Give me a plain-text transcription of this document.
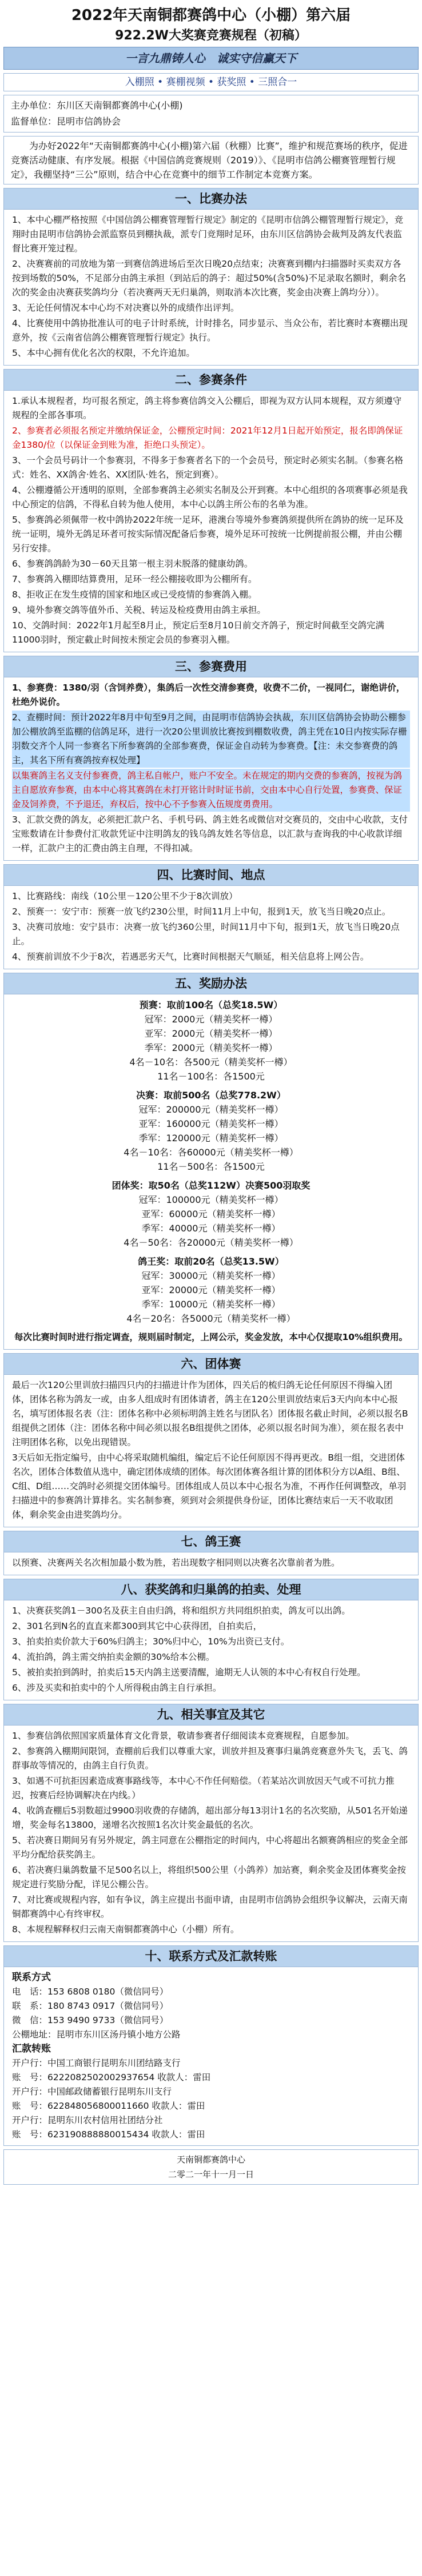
2022年天南铜都赛鸽中心（小棚）第六届
922.2W大奖赛竞赛规程（初稿）
一言九鼎铸人心　诚实守信赢天下
入棚照 • 赛棚视频 • 获奖照 • 三照合一
主办单位：东川区天南铜都赛鸽中心(小棚)
监督单位：昆明市信鸽协会
为办好2022年“天南铜都赛鸽中心(小棚)第六届（秋棚）比赛”，维护和规范赛场的秩序，促进竞赛活动健康、有序发展。根据《中国信鸽竞赛规则（2019）》、《昆明市信鸽公棚赛管理暂行规定》，我棚坚持“三公”原则，结合中心在竞赛中的细节工作制定本竞赛方案。
一、比赛办法

1、本中心棚严格按照《中国信鸽公棚赛管理暂行规定》制定的《昆明市信鸽公棚管理暂行规定》，竞翔时由昆明市信鸽协会派监察员到棚执裁，派专门竞翔时足环，由东川区信鸽协会裁判及鸽友代表监督比赛开笼过程。

2、决赛赛前的司放地为第一到赛信鸽进场后至次日晚20点结束；决赛赛到棚内扫描器时买卖双方各按到场数的50%，不足部分由鸽主承担（到站后的鸽子：超过50%(含50%)不足录取名额时，剩余名次的奖金由决赛获奖鸽均分（若决赛两天无归巢鸽，则取消本次比赛，奖金由决赛上鸽均分））。

3、无论任何情况本中心均不对决赛以外的成绩作出评判。

4、比赛使用中鸽协批准认可的电子计时系统，计时排名，同步显示、当众公布，若比赛时本赛棚出现意外，按《云南省信鸽公棚赛管理暂行规定》执行。

5、本中心拥有优化名次的权限，不允许追加。

二、参赛条件

1.承认本规程者，均可报名预定，鸽主将参赛信鸽交入公棚后，即视为双方认同本规程，双方须遵守规程的全部各事项。

2、参赛者必须报名预定并缴纳保证金，公棚预定时间：2021年12月1日起开始预定，报名即鸽保证金1380/位（以保证金到账为准，拒绝口头预定）。

3、一个会员号码计一个参赛羽，不得多于参赛者名下的一个会员号，预定时必须实名制。（参赛名格式：姓名、XX鸽舍·姓名、XX团队·姓名，预定到赛）。

4、公棚遵循公开透明的原则，全部参赛鸽主必须实名制及公开到赛。本中心组织的各项赛事必须是我中心预定的信鸽，不得私自转为他人使用，本中心以鸽主所公布的名单为准。

5、参赛鸽必须佩带一枚中鸽协2022年统一足环，港澳台等境外参赛鸽须提供所在鸽协的统一足环及统一证明，境外无鸽足环者可按实际情况配备后参赛，境外足环可按统一比例提前报公棚，并由公棚另行安排。

6、参赛鸽鸽龄为30－60天且第一根主羽未脱落的健康幼鸽。

7、参赛鸽入棚即结算费用，足环一经公棚接收即为公棚所有。

8、拒收正在发生疫情的国家和地区或已受疫情的参赛鸽入棚。

9、境外参赛交鸽等值外币、关税、转运及检疫费用由鸽主承担。

10、交鸽时间：2022年1月起至8月止，预定后至8月10日前交齐鸽子，预定时间截至交鸽完满11000羽时，预定截止时间按未预定会员的参赛羽入棚。

三、参赛费用

1、参赛费：1380/羽（含饲养费），集鸽后一次性交清参赛费，收费不二价，一视同仁，谢绝讲价，杜绝外说价。

2、查棚时间：预计2022年8月中旬至9月之间，由昆明市信鸽协会执裁，东川区信鸽协会协助公棚参加公棚放鸽至监棚的信鸽足环，进行一次20公里训放比赛按到棚数收费，鸽主凭在10日内按实际存栅羽数交齐个人同一参赛名下所参赛鸽的全部参赛费，保证金自动转为参赛费。【注：未交参赛费的鸽主，其名下所有赛鸽按弃权处理】

以集赛鸽主名义支付参赛费，鸽主私自帐户，账户不安全。未在规定的期内交费的参赛鸽，按视为鸽主自愿放弃参赛，由本中心将其赛鸽在未打开铭计时时证书前，交由本中心自行处置，参赛费、保证金及饲养费，不予退还，弃权后，按中心不予参赛入伍规度勇费用。

3、汇款交费的鸽友，必须把汇款户名、手机号码、鸽主姓名或微信对交赛员的，交由中心收款，支付宝账数请在计参费付汇收款凭证中注明鸽友的钱乌鸽友姓名等信息，以汇款与查询我的中心收款详细一样，汇款户主的汇费由鸽主自理，不得扣减。

四、比赛时间、地点

1、比赛路线：南线（10公里－120公里不少于8次训放）

2、预赛一：安宁市：预赛一放飞约230公里，时间11月上中旬，报到1天，放飞当日晚20点止。

3、决赛司放地：安宁县市：决赛一放飞约360公里，时间11月中下旬，报到1天，放飞当日晚20点止。

4、预赛前训放不少于8次，若遇恶劣天气，比赛时间根据天气顺延，相关信息将上网公告。

五、奖励办法
预赛：取前100名（总奖18.5W）
冠军：2000元（精美奖杯一樽）
亚军：2000元（精美奖杯一樽）
季军：2000元（精美奖杯一樽）
4名－10名：各500元（精美奖杯一樽）
11名－100名：各1500元
决赛：取前500名（总奖778.2W）
冠军：200000元（精美奖杯一樽）
亚军：160000元（精美奖杯一樽）
季军：120000元（精美奖杯一樽）
4名－10名：各60000元（精美奖杯一樽）
11名－500名：各1500元
团体奖：取50名（总奖112W）决赛500羽取奖
冠军：100000元（精美奖杯一樽）
亚军：60000元（精美奖杯一樽）
季军：40000元（精美奖杯一樽）
4名－50名：各20000元（精美奖杯一樽）
鸽王奖：取前20名（总奖13.5W）
冠军：30000元（精美奖杯一樽）
亚军：20000元（精美奖杯一樽）
季军：10000元（精美奖杯一樽）
4名－20名：各5000元（精美奖杯一樽）

每次比赛时间时进行指定调查，规则届时制定，上网公示，奖金发放，本中心仅提取10%组织费用。

六、团体赛

最后一次120公里训放扫描四只内的扫描进计作为团体，四关后的梳归鸽无论任何原因不得编入团体，团体名称为鸽友一或，由多人组成时有团体请者，鸽主在120公里训放结束后3天内向本中心报名，填写团体报名表（注：团体名称中必须标明鸽主姓名与团队名）团体报名截止时间，必须以报名B组提供之团体（注：团体名称中间必须以报名B组提供之团体，必须以报名时间为准），须在报名表中注明团体名称，以免出现错误。

3天后如无指定编号，由中心将采取随机编组，编定后不论任何原因不得再更改。B组一组，交进团体名次，团体合体数值从选中，确定团体成绩的团体。每次团体赛各组计算的团体积分方以A组、B组、C组、D组……交鸽时必须提交团体编号。团体组成人员以本中心报名为准，不再作任何调整改，单羽扫描进中的参赛鸽计算排名。实名制参赛，须到对会须提供身份证，团体比赛结束后一天不收取团体，剩余奖金由进奖鸽均分。

七、鸽王赛

以预赛、决赛两关名次相加最小数为胜，若出现数字相同则以决赛名次靠前者为胜。

八、获奖鸽和归巢鸽的拍卖、处理

1、决赛获奖鸽1－300名及获主自由归鸽，将和组织方共同组织拍卖，鸽友可以出鸽。

2、301名到N名的直直来都300到其它中心获得团，自拍卖后，

3、拍卖拍卖价款大于60%归鸽主；30%归中心，10%为出资已支付。

4、流拍鸽，鸽主需交纳拍卖金额的30%给本公棚。

5、被拍卖拍到鸽时，拍卖后15天内鸽主送要清醒，逾期无人认领的本中心有权自行处理。

6、涉及买卖和拍卖中的个人所得税由鸽主自行承担。

九、相关事宜及其它

1、参赛信鸽依照国家质量体育文化背景，敬请参赛者仔细阅读本竞赛规程，自愿参加。

2、参赛鸽入棚期间限饲，查棚前后我们以尊重大家，训放并担及赛事归巢鸽竞赛意外失飞，丢飞、鸽群事故等情况的，由鸽主自行负责。

3、如遇不可抗拒因素造成赛事路线等，本中心不作任何赔偿。（若某站次训放因天气或不可抗力推迟，按赛后经协调解决在内线。）

4、收鸽查棚后5羽数超过9900羽收费的存储鸽，超出部分每13羽计1名的名次奖励，从501名开始递增，奖金每名13800，递增名次按照1名次计奖金最低的名次。

5、若决赛日期间另有另外规定，鸽主同意在公棚指定的时间内，中心将超出名额赛鸽相应的奖金全部平均分配给获奖鸽主。

6、若决赛归巢鸽数量不足500名以上，将组织500公里（小鸽养）加站赛，剩余奖金及团体赛奖金按规定进行奖励分配，详见公棚公告。

7、对比赛或规程内容，如有争议，鸽主应提出书面申请，由昆明市信鸽协会组织争议解决，云南天南铜都赛鸽中心有终审权。

8、本规程解释权归云南天南铜都赛鸽中心（小棚）所有。

十、联系方式及汇款转账
联系方式
电　话：153 6808 0180（微信同号）
联　系：180 8743 0917（微信同号）
微　信：153 9490 9733（微信同号）
公棚地址：昆明市东川区汤丹镇小地方公路
汇款转账
开户行：中国工商银行昆明东川团结路支行
账　号：6222082502002937654 收款人：雷田
开户行：中国邮政储蓄银行昆明东川支行
账　号：622848056800011660 收款人：雷田
开户行：昆明东川农村信用社团结分社
账　号：623190888880015434 收款人：雷田
天南铜都赛鸽中心
二零二一年十一月一日
